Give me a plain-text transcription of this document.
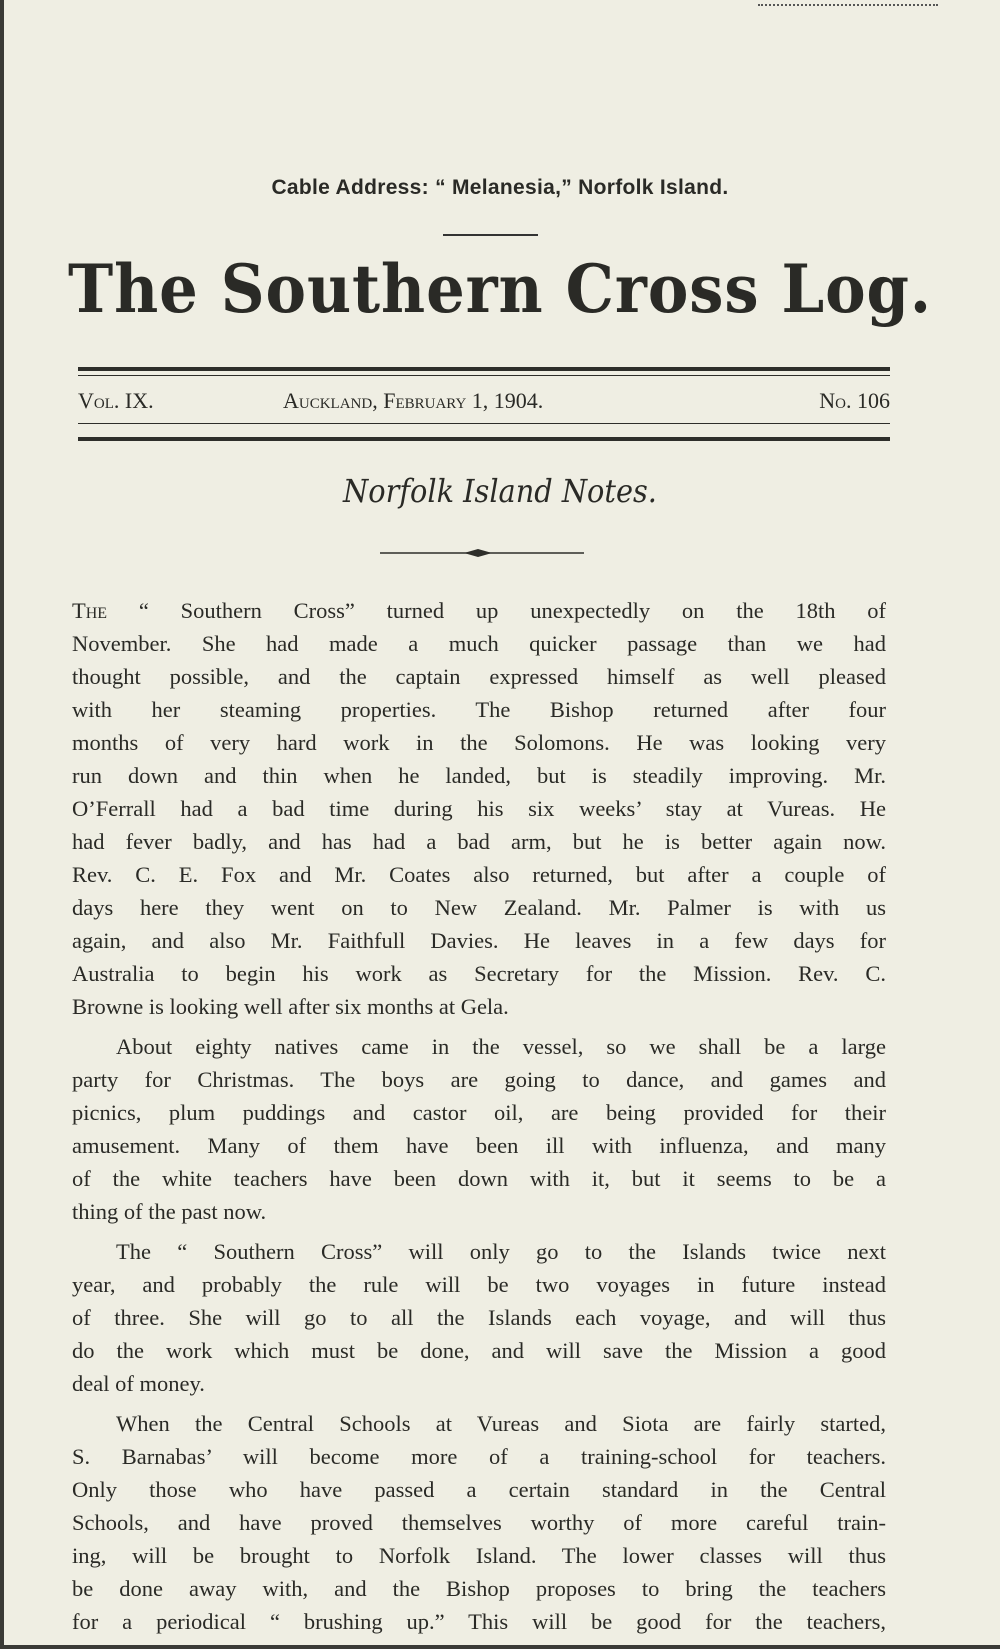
Cable Address: “ Melanesia,” Norfolk Island.
The Southern Cross Log.
Vol. IX.	Auckland, February 1, 1904.	No. 106
Norfolk Island Notes.
The “ Southern Cross” turned up unexpectedly on the 18th of
November. She had made a much quicker passage than we had
thought possible, and the captain expressed himself as well pleased
with her steaming properties. The Bishop returned after four
months of very hard work in the Solomons. He was looking very
run down and thin when he landed, but is steadily improving. Mr.
O’Ferrall had a bad time during his six weeks’ stay at Vureas. He
had fever badly, and has had a bad arm, but he is better again now.
Rev. C. E. Fox and Mr. Coates also returned, but after a couple of
days here they went on to New Zealand. Mr. Palmer is with us
again, and also Mr. Faithfull Davies. He leaves in a few days for
Australia to begin his work as Secretary for the Mission. Rev. C.
Browne is looking well after six months at Gela.
About eighty natives came in the vessel, so we shall be a large
party for Christmas. The boys are going to dance, and games and
picnics, plum puddings and castor oil, are being provided for their
amusement. Many of them have been ill with influenza, and many
of the white teachers have been down with it, but it seems to be a
thing of the past now.
The “ Southern Cross” will only go to the Islands twice next
year, and probably the rule will be two voyages in future instead
of three. She will go to all the Islands each voyage, and will thus
do the work which must be done, and will save the Mission a good
deal of money.
When the Central Schools at Vureas and Siota are fairly started,
S. Barnabas’ will become more of a training-school for teachers.
Only those who have passed a certain standard in the Central
Schools, and have proved themselves worthy of more careful train-
ing, will be brought to Norfolk Island. The lower classes will thus
be done away with, and the Bishop proposes to bring the teachers
for a periodical “ brushing up.” This will be good for the teachers,
